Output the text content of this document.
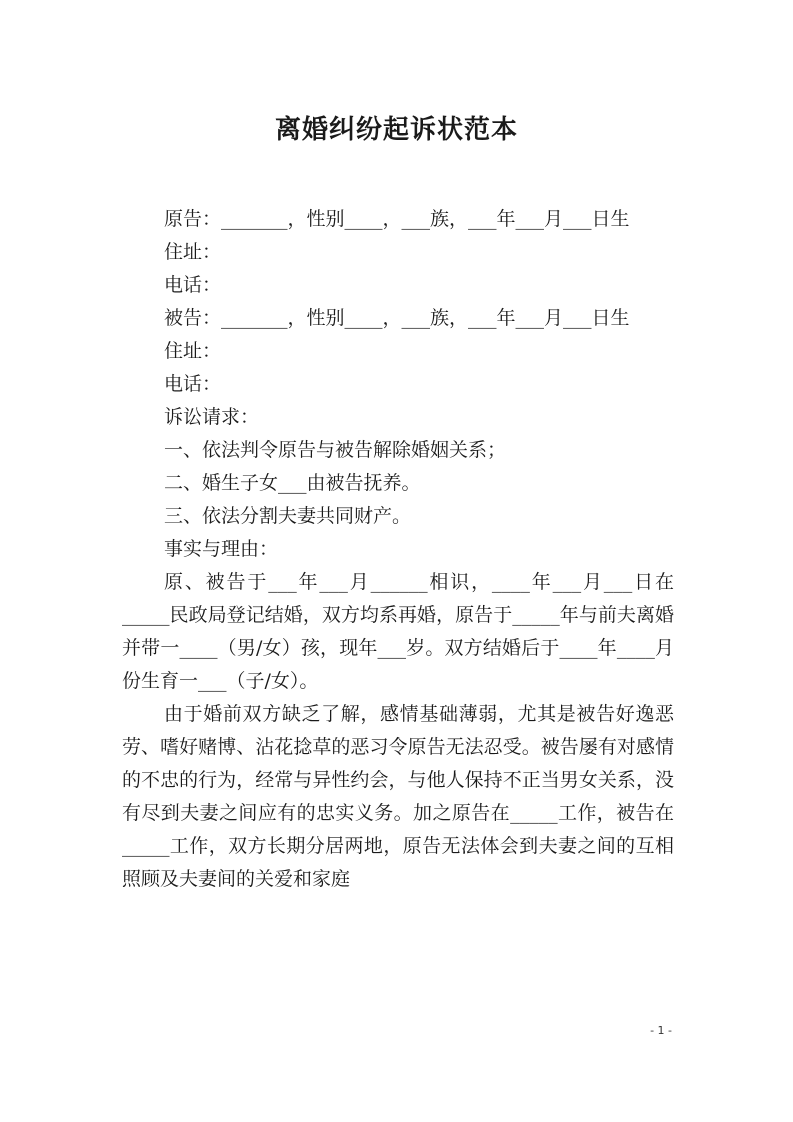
离婚纠纷起诉状范本

原告：_______，性别____，___族，___年___月___日生

住址：

电话：

被告：_______，性别____，___族，___年___月___日生

住址：

电话：

诉讼请求：

一、依法判令原告与被告解除婚姻关系；

二、婚生子女___由被告抚养。

三、依法分割夫妻共同财产。

事实与理由：

原、被告于___年___月______相识，____年___月___日在_____民政局登记结婚，双方均系再婚，原告于_____年与前夫离婚并带一____（男/女）孩，现年___岁。双方结婚后于____年____月份生育一___（子/女）。

由于婚前双方缺乏了解，感情基础薄弱，尤其是被告好逸恶劳、嗜好赌博、沾花捻草的恶习令原告无法忍受。被告屡有对感情的不忠的行为，经常与异性约会，与他人保持不正当男女关系，没有尽到夫妻之间应有的忠实义务。加之原告在_____工作，被告在_____工作，双方长期分居两地，原告无法体会到夫妻之间的互相照顾及夫妻间的关爱和家庭

- 1 -
